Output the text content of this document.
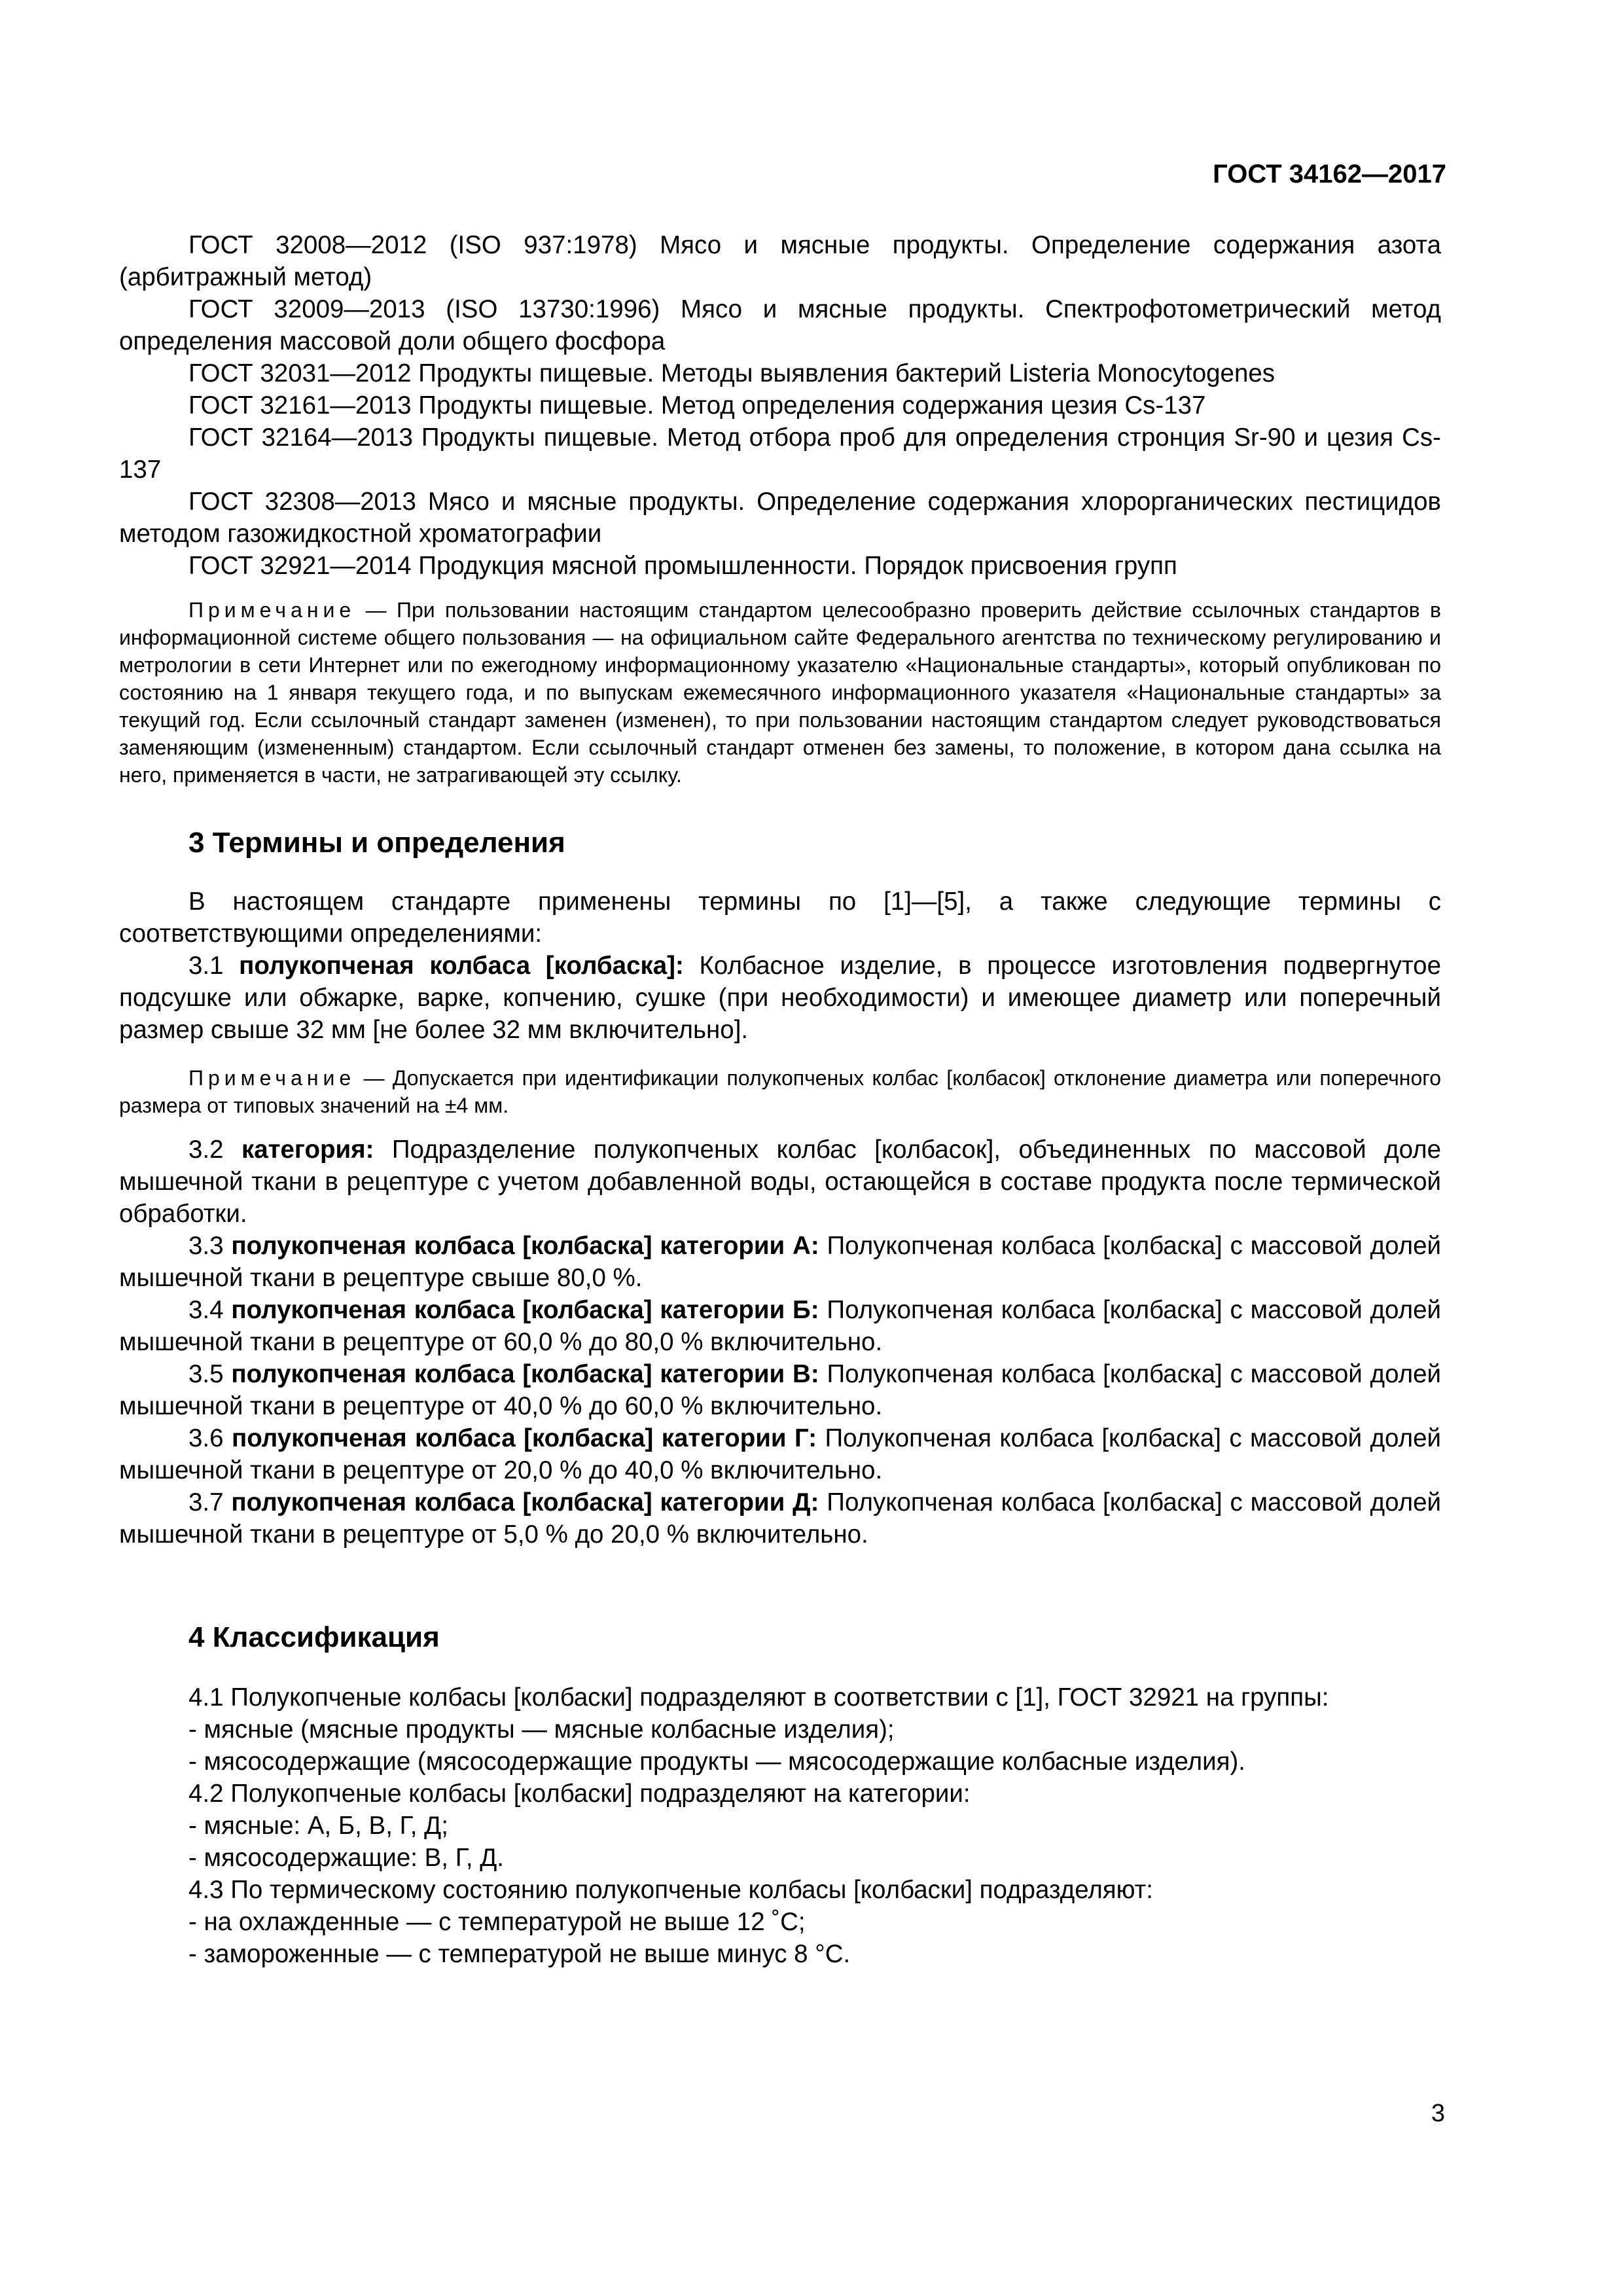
ГОСТ 34162—2017

ГОСТ 32008—2012 (ISO 937:1978) Мясо и мясные продукты. Определение содержания азота (арбитражный метод)

ГОСТ 32009—2013 (ISO 13730:1996) Мясо и мясные продукты. Спектрофотометрический метод определения массовой доли общего фосфора

ГОСТ 32031—2012 Продукты пищевые. Методы выявления бактерий Listeria Monocytogenes

ГОСТ 32161—2013 Продукты пищевые. Метод определения содержания цезия Cs-137

ГОСТ 32164—2013 Продукты пищевые. Метод отбора проб для определения стронция Sr-90 и цезия Cs-137

ГОСТ 32308—2013 Мясо и мясные продукты. Определение содержания хлорорганических пестицидов методом газожидкостной хроматографии

ГОСТ 32921—2014 Продукция мясной промышленности. Порядок присвоения групп

Примечание — При пользовании настоящим стандартом целесообразно проверить действие ссылочных стандартов в информационной системе общего пользования — на официальном сайте Федерального агентства по техническому регулированию и метрологии в сети Интернет или по ежегодному информационному указателю «Национальные стандарты», который опубликован по состоянию на 1 января текущего года, и по выпускам ежемесячного информационного указателя «Национальные стандарты» за текущий год. Если ссылочный стандарт заменен (изменен), то при пользовании настоящим стандартом следует руководствоваться заменяющим (измененным) стандартом. Если ссылочный стандарт отменен без замены, то положение, в котором дана ссылка на него, применяется в части, не затрагивающей эту ссылку.

3 Термины и определения

В настоящем стандарте применены термины по [1]—[5], а также следующие термины с соответствующими определениями:

3.1 полукопченая колбаса [колбаска]: Колбасное изделие, в процессе изготовления подвергнутое подсушке или обжарке, варке, копчению, сушке (при необходимости) и имеющее диаметр или поперечный размер свыше 32 мм [не более 32 мм включительно].

Примечание — Допускается при идентификации полукопченых колбас [колбасок] отклонение диаметра или поперечного размера от типовых значений на ±4 мм.

3.2 категория: Подразделение полукопченых колбас [колбасок], объединенных по массовой доле мышечной ткани в рецептуре с учетом добавленной воды, остающейся в составе продукта после термической обработки.

3.3 полукопченая колбаса [колбаска] категории А: Полукопченая колбаса [колбаска] с массовой долей мышечной ткани в рецептуре свыше 80,0 %.

3.4 полукопченая колбаса [колбаска] категории Б: Полукопченая колбаса [колбаска] с массовой долей мышечной ткани в рецептуре от 60,0 % до 80,0 % включительно.

3.5 полукопченая колбаса [колбаска] категории В: Полукопченая колбаса [колбаска] с массовой долей мышечной ткани в рецептуре от 40,0 % до 60,0 % включительно.

3.6 полукопченая колбаса [колбаска] категории Г: Полукопченая колбаса [колбаска] с массовой долей мышечной ткани в рецептуре от 20,0 % до 40,0 % включительно.

3.7 полукопченая колбаса [колбаска] категории Д: Полукопченая колбаса [колбаска] с массовой долей мышечной ткани в рецептуре от 5,0 % до 20,0 % включительно.

4 Классификация

4.1 Полукопченые колбасы [колбаски] подразделяют в соответствии с [1], ГОСТ 32921 на группы:

- мясные (мясные продукты — мясные колбасные изделия);

- мясосодержащие (мясосодержащие продукты — мясосодержащие колбасные изделия).

4.2 Полукопченые колбасы [колбаски] подразделяют на категории:

- мясные: А, Б, В, Г, Д;

- мясосодержащие: В, Г, Д.

4.3 По термическому состоянию полукопченые колбасы [колбаски] подразделяют:

- на охлажденные — с температурой не выше 12 ˚С;

- замороженные — с температурой не выше минус 8 °С.

3
